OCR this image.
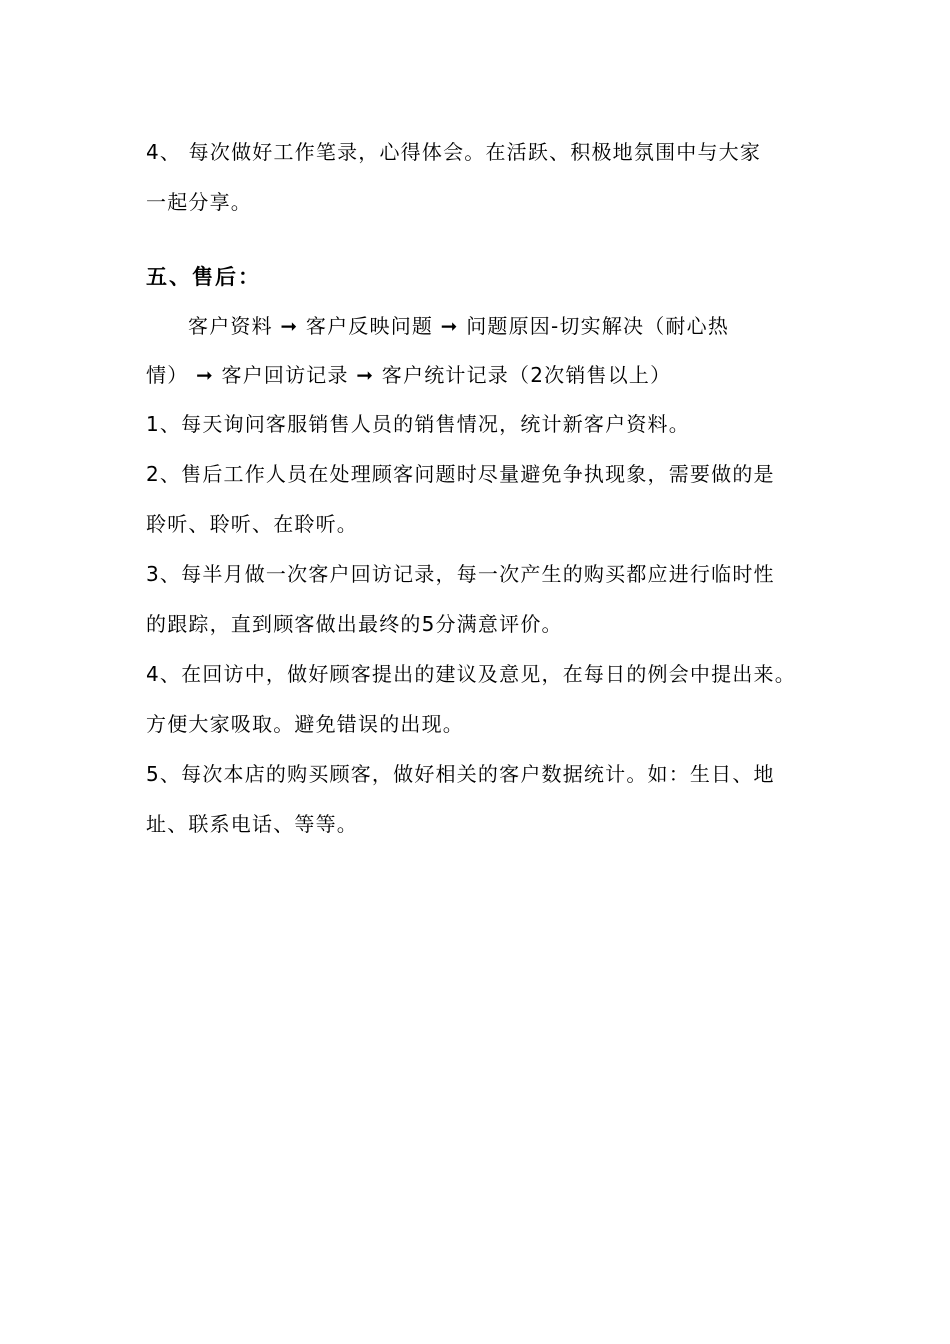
4、 每次做好工作笔录，心得体会。在活跃、积极地氛围中与大家
一起分享。
五、售后：
客户资料 ➞ 客户反映问题 ➞ 问题原因-切实解决（耐心热
情） ➞ 客户回访记录 ➞ 客户统计记录（2次销售以上）
1、每天询问客服销售人员的销售情况，统计新客户资料。
2、售后工作人员在处理顾客问题时尽量避免争执现象，需要做的是
聆听、聆听、在聆听。
3、每半月做一次客户回访记录，每一次产生的购买都应进行临时性
的跟踪，直到顾客做出最终的5分满意评价。
4、在回访中，做好顾客提出的建议及意见，在每日的例会中提出来。
方便大家吸取。避免错误的出现。
5、每次本店的购买顾客，做好相关的客户数据统计。如：生日、地
址、联系电话、等等。
